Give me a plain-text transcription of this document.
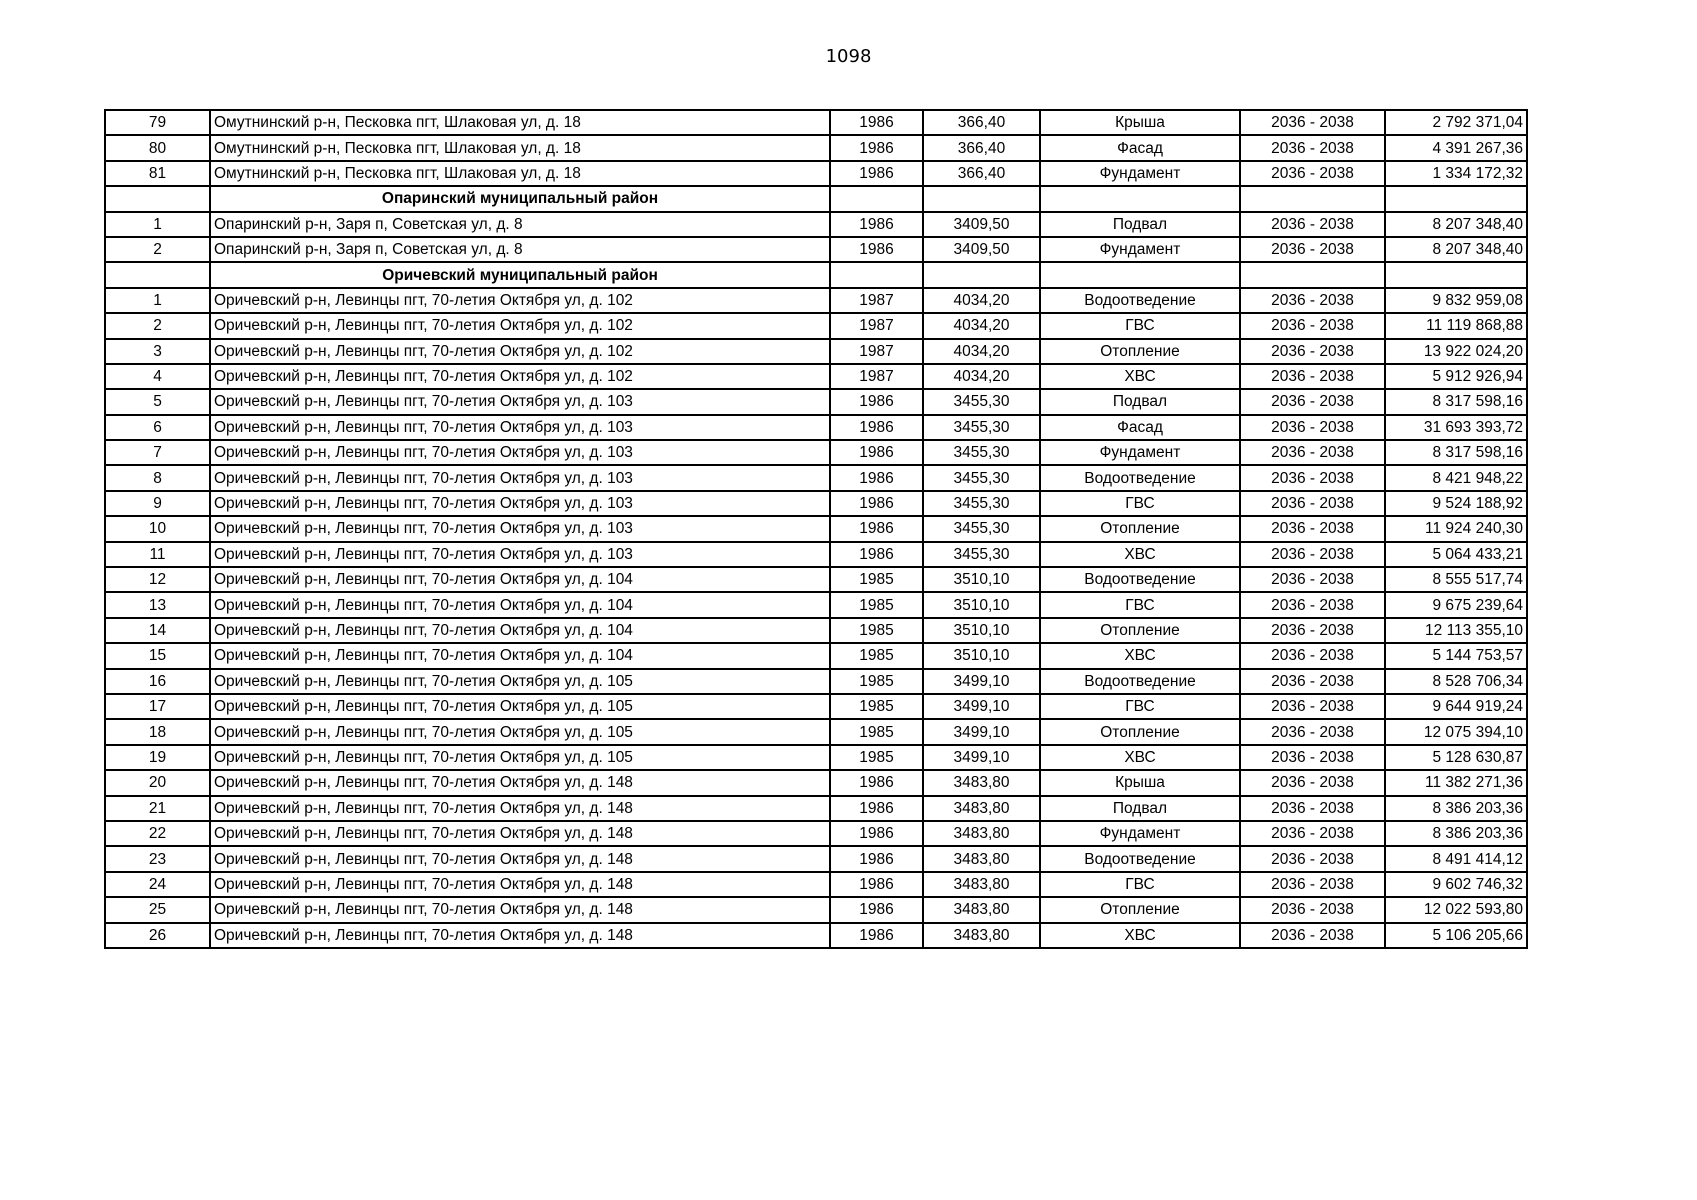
1098
79	Омутнинский р-н, Песковка пгт, Шлаковая ул, д. 18	1986	366,40	Крыша	2036 - 2038	2 792 371,04
80	Омутнинский р-н, Песковка пгт, Шлаковая ул, д. 18	1986	366,40	Фасад	2036 - 2038	4 391 267,36
81	Омутнинский р-н, Песковка пгт, Шлаковая ул, д. 18	1986	366,40	Фундамент	2036 - 2038	1 334 172,32
	Опаринский муниципальный район					
1	Опаринский р-н, Заря п, Советская ул, д. 8	1986	3409,50	Подвал	2036 - 2038	8 207 348,40
2	Опаринский р-н, Заря п, Советская ул, д. 8	1986	3409,50	Фундамент	2036 - 2038	8 207 348,40
	Оричевский муниципальный район					
1	Оричевский р-н, Левинцы пгт, 70-летия Октября ул, д. 102	1987	4034,20	Водоотведение	2036 - 2038	9 832 959,08
2	Оричевский р-н, Левинцы пгт, 70-летия Октября ул, д. 102	1987	4034,20	ГВС	2036 - 2038	11 119 868,88
3	Оричевский р-н, Левинцы пгт, 70-летия Октября ул, д. 102	1987	4034,20	Отопление	2036 - 2038	13 922 024,20
4	Оричевский р-н, Левинцы пгт, 70-летия Октября ул, д. 102	1987	4034,20	ХВС	2036 - 2038	5 912 926,94
5	Оричевский р-н, Левинцы пгт, 70-летия Октября ул, д. 103	1986	3455,30	Подвал	2036 - 2038	8 317 598,16
6	Оричевский р-н, Левинцы пгт, 70-летия Октября ул, д. 103	1986	3455,30	Фасад	2036 - 2038	31 693 393,72
7	Оричевский р-н, Левинцы пгт, 70-летия Октября ул, д. 103	1986	3455,30	Фундамент	2036 - 2038	8 317 598,16
8	Оричевский р-н, Левинцы пгт, 70-летия Октября ул, д. 103	1986	3455,30	Водоотведение	2036 - 2038	8 421 948,22
9	Оричевский р-н, Левинцы пгт, 70-летия Октября ул, д. 103	1986	3455,30	ГВС	2036 - 2038	9 524 188,92
10	Оричевский р-н, Левинцы пгт, 70-летия Октября ул, д. 103	1986	3455,30	Отопление	2036 - 2038	11 924 240,30
11	Оричевский р-н, Левинцы пгт, 70-летия Октября ул, д. 103	1986	3455,30	ХВС	2036 - 2038	5 064 433,21
12	Оричевский р-н, Левинцы пгт, 70-летия Октября ул, д. 104	1985	3510,10	Водоотведение	2036 - 2038	8 555 517,74
13	Оричевский р-н, Левинцы пгт, 70-летия Октября ул, д. 104	1985	3510,10	ГВС	2036 - 2038	9 675 239,64
14	Оричевский р-н, Левинцы пгт, 70-летия Октября ул, д. 104	1985	3510,10	Отопление	2036 - 2038	12 113 355,10
15	Оричевский р-н, Левинцы пгт, 70-летия Октября ул, д. 104	1985	3510,10	ХВС	2036 - 2038	5 144 753,57
16	Оричевский р-н, Левинцы пгт, 70-летия Октября ул, д. 105	1985	3499,10	Водоотведение	2036 - 2038	8 528 706,34
17	Оричевский р-н, Левинцы пгт, 70-летия Октября ул, д. 105	1985	3499,10	ГВС	2036 - 2038	9 644 919,24
18	Оричевский р-н, Левинцы пгт, 70-летия Октября ул, д. 105	1985	3499,10	Отопление	2036 - 2038	12 075 394,10
19	Оричевский р-н, Левинцы пгт, 70-летия Октября ул, д. 105	1985	3499,10	ХВС	2036 - 2038	5 128 630,87
20	Оричевский р-н, Левинцы пгт, 70-летия Октября ул, д. 148	1986	3483,80	Крыша	2036 - 2038	11 382 271,36
21	Оричевский р-н, Левинцы пгт, 70-летия Октября ул, д. 148	1986	3483,80	Подвал	2036 - 2038	8 386 203,36
22	Оричевский р-н, Левинцы пгт, 70-летия Октября ул, д. 148	1986	3483,80	Фундамент	2036 - 2038	8 386 203,36
23	Оричевский р-н, Левинцы пгт, 70-летия Октября ул, д. 148	1986	3483,80	Водоотведение	2036 - 2038	8 491 414,12
24	Оричевский р-н, Левинцы пгт, 70-летия Октября ул, д. 148	1986	3483,80	ГВС	2036 - 2038	9 602 746,32
25	Оричевский р-н, Левинцы пгт, 70-летия Октября ул, д. 148	1986	3483,80	Отопление	2036 - 2038	12 022 593,80
26	Оричевский р-н, Левинцы пгт, 70-летия Октября ул, д. 148	1986	3483,80	ХВС	2036 - 2038	5 106 205,66
